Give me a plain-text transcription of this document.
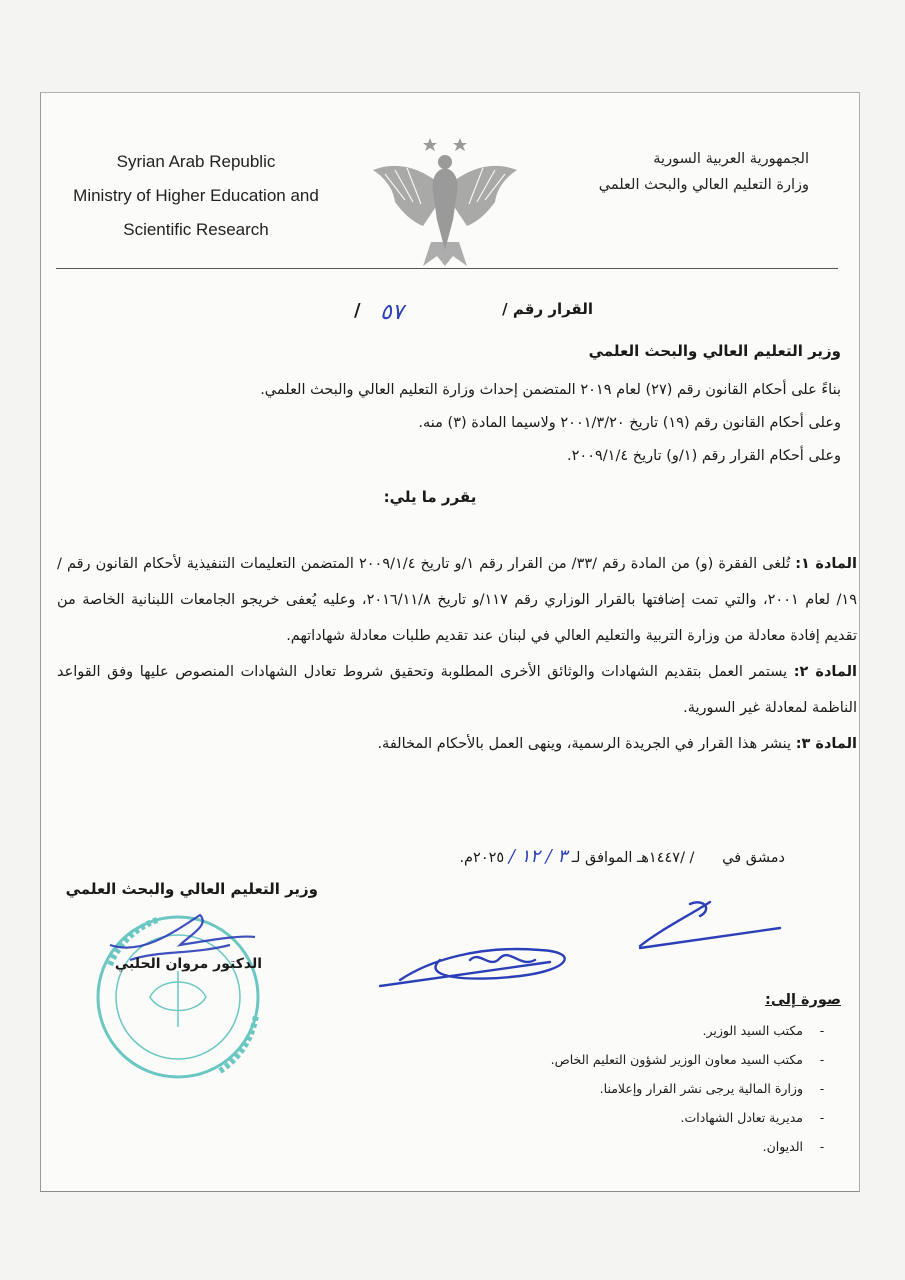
Syrian Arab Republic
Ministry of Higher Education and
Scientific Research
الجمهورية العربية السورية
وزارة التعليم العالي والبحث العلمي
القرار رقم /
٥٧
/
وزير التعليم العالي والبحث العلمي
بناءً على أحكام القانون رقم (٢٧) لعام ٢٠١٩ المتضمن إحداث وزارة التعليم العالي والبحث العلمي.
وعلى أحكام القانون رقم (١٩) تاريخ ٢٠٠١/٣/٢٠ ولاسيما المادة (٣) منه.
وعلى أحكام القرار رقم (١/و) تاريخ ٢٠٠٩/١/٤.
يقرر ما يلي:

المادة ١: تُلغى الفقرة (و) من المادة رقم /٣٣/ من القرار رقم ١/و تاريخ ٢٠٠٩/١/٤ المتضمن التعليمات التنفيذية لأحكام القانون رقم /١٩/ لعام ٢٠٠١، والتي تمت إضافتها بالقرار الوزاري رقم ١١٧/و تاريخ ٢٠١٦/١١/٨، وعليه يُعفى خريجو الجامعات اللبنانية الخاصة من تقديم إفادة معادلة من وزارة التربية والتعليم العالي في لبنان عند تقديم طلبات معادلة شهاداتهم.

المادة ٢: يستمر العمل بتقديم الشهادات والوثائق الأخرى المطلوبة وتحقيق شروط تعادل الشهادات المنصوص عليها وفق القواعد الناظمة لمعادلة غير السورية.

المادة ٣: ينشر هذا القرار في الجريدة الرسمية، وينهى العمل بالأحكام المخالفة.

دمشق في      / /١٤٤٧هـ الموافق لـ ٣ / ١٢ / ٢٠٢٥م.
وزير التعليم العالي والبحث العلمي
الدكتور مروان الحلبي
صورة إلى:
- مكتب السيد الوزير.
- مكتب السيد معاون الوزير لشؤون التعليم الخاص.
- وزارة المالية يرجى نشر القرار وإعلامنا.
- مديرية تعادل الشهادات.
- الديوان.
